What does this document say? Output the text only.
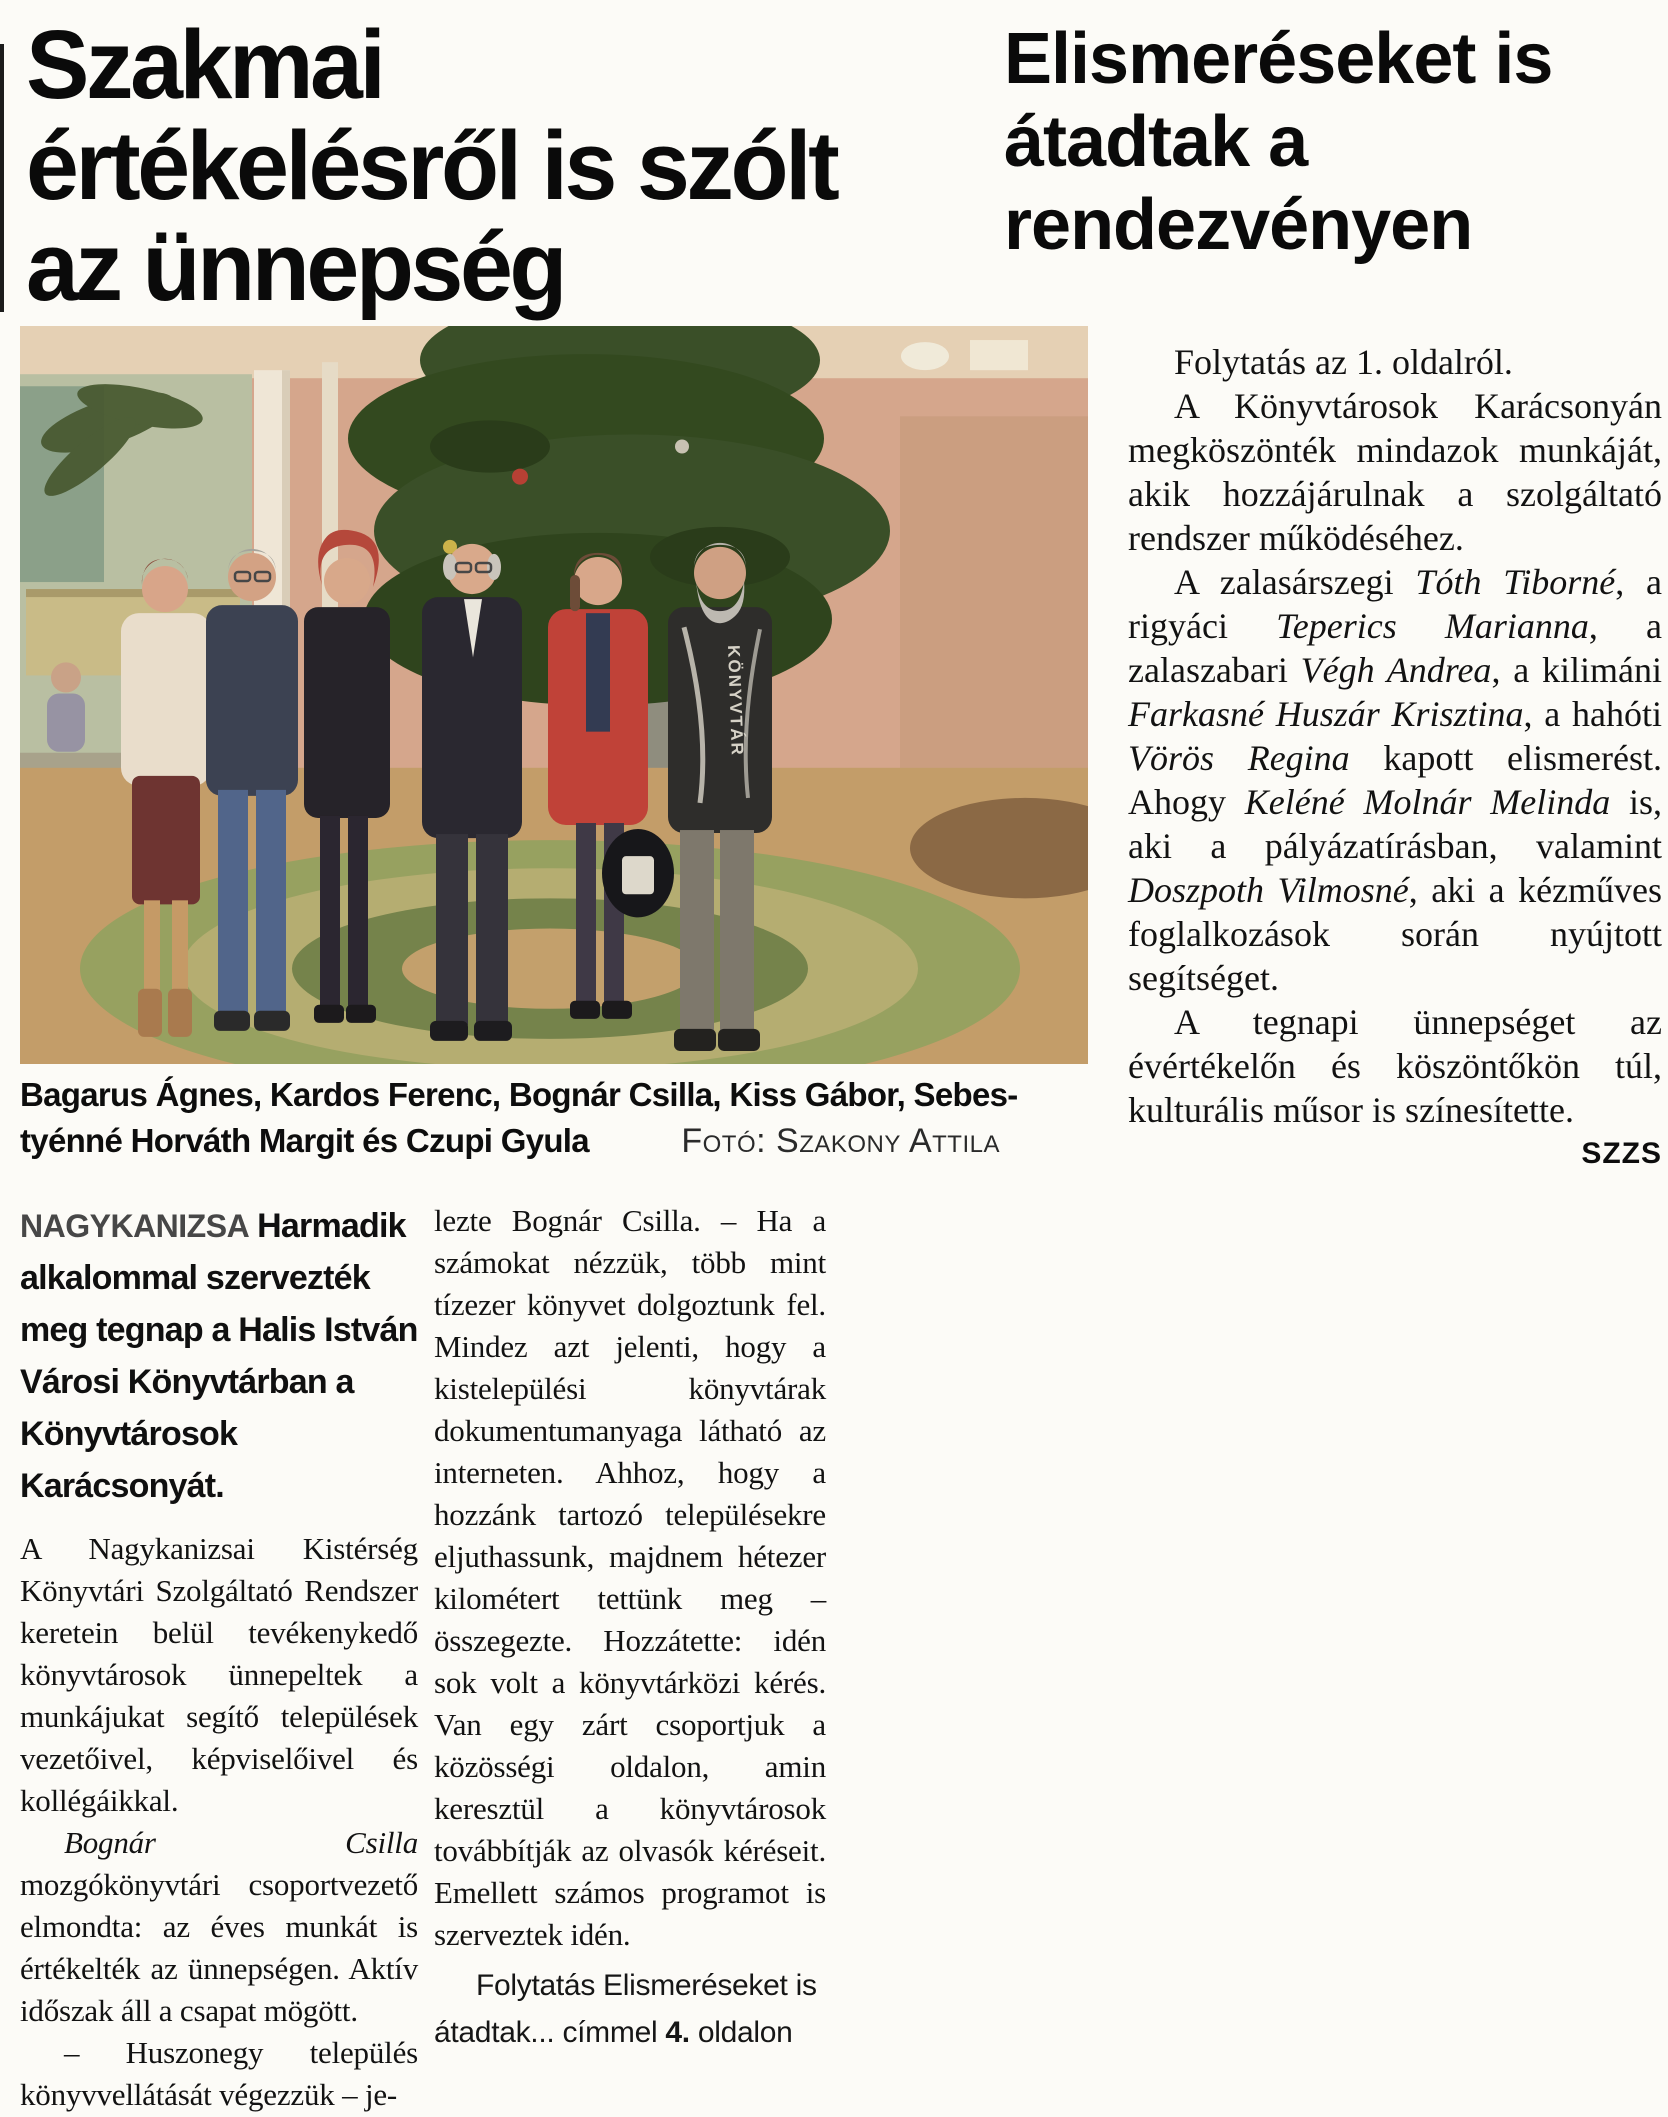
Szakmai értékelésről is szólt az ünnepség
Elismeréseket is átadtak a rendezvényen

Folytatás az 1. oldalról.

A Könyvtárosok Karácsonyán megköszönték mindazok munkáját, akik hozzájárulnak a szolgáltató rendszer működéséhez.

A zalasárszegi Tóth Tiborné, a rigyáci Teperics Marianna, a zalaszabari Végh Andrea, a kilimáni Farkasné Huszár Krisztina, a hahóti Vörös Regina kapott elismerést. Ahogy Keléné Molnár Melinda is, aki a pályázatírásban, valamint Doszpoth Vilmosné, aki a kézműves foglalkozások során nyújtott segítséget.

A tegnapi ünnepséget az évértékelőn és köszöntőkön túl, kulturális műsor is színesítette.
SZZS

KÖNYVTÁR
Bagarus Ágnes, Kardos Ferenc, Bognár Csilla, Kiss Gábor, Sebes-
tyénné Horváth Margit és Czupi Gyula	Fotó: Szakony Attila

NAGYKANIZSA Harmadik alkalommal szervezték meg tegnap a Halis István Városi Könyvtárban a Könyvtárosok Karácsonyát.

A Nagykanizsai Kistérség Könyvtári Szolgáltató Rendszer keretein belül tevékenykedő könyvtárosok ünnepeltek a munkájukat segítő települések vezetőivel, képviselőivel és kollégáikkal.

Bognár Csilla mozgókönyvtári csoportvezető elmondta: az éves munkát is értékelték az ünnepségen. Aktív időszak áll a csapat mögött.

– Huszonegy település könyvvellátását végezzük – je-

lezte Bognár Csilla. – Ha a számokat nézzük, több mint tízezer könyvet dolgoztunk fel. Mindez azt jelenti, hogy a kistelepülési könyvtárak dokumentumanyaga látható az interneten. Ahhoz, hogy a hozzánk tartozó településekre eljuthassunk, majdnem hétezer kilométert tettünk meg – összegezte. Hozzátette: idén sok volt a könyvtárközi kérés. Van egy zárt csoportjuk a közösségi oldalon, amin keresztül a könyvtárosok továbbítják az olvasók kéréseit. Emellett számos programot is szerveztek idén.

Folytatás Elismeréseket is
átadtak... címmel 4. oldalon
